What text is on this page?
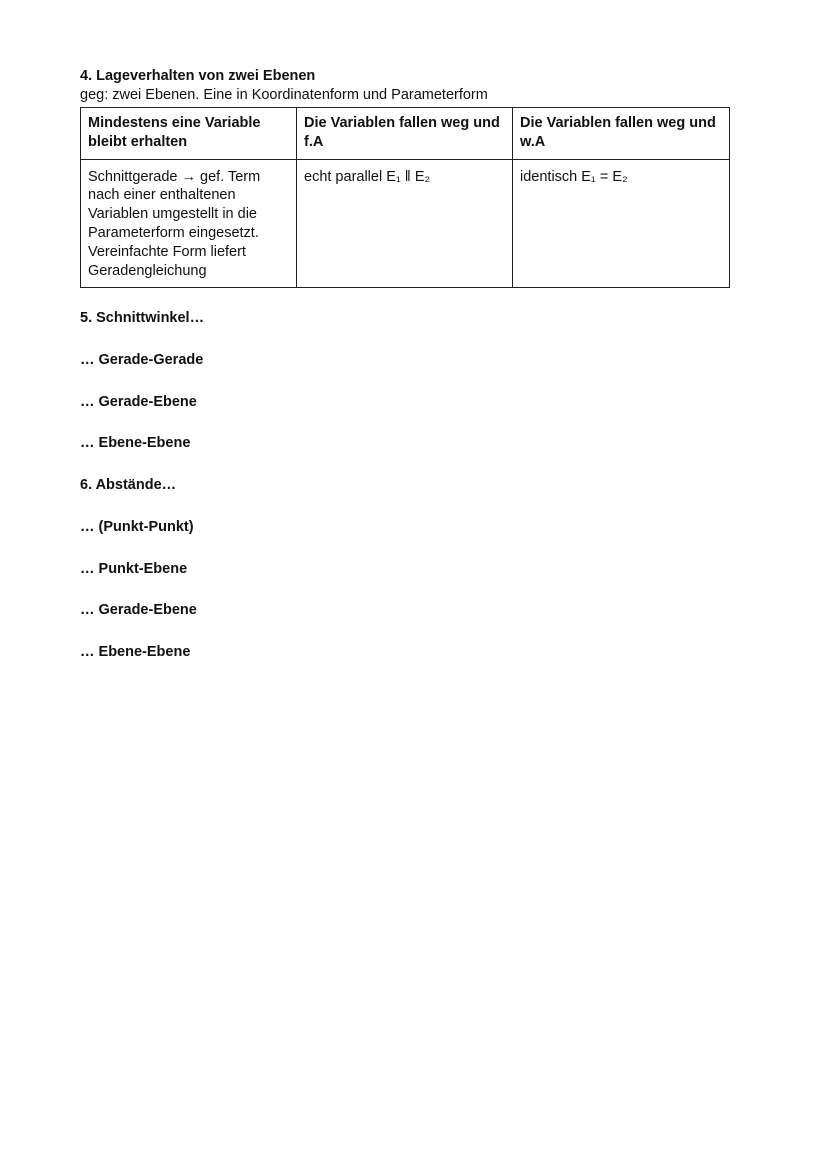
4. Lageverhalten von zwei Ebenen

geg: zwei Ebenen. Eine in Koordinatenform und Parameterform

Mindestens eine Variable bleibt erhalten	Die Variablen fallen weg und f.A	Die Variablen fallen weg und w.A
Schnittgerade → gef. Term nach einer enthaltenen Variablen umgestellt in die Parameterform eingesetzt. Vereinfachte Form liefert Geradengleichung	echt parallel E₁ ‖ E₂	identisch E₁ = E₂

5. Schnittwinkel…

… Gerade-Gerade

… Gerade-Ebene

… Ebene-Ebene

6. Abstände…

… (Punkt-Punkt)

… Punkt-Ebene

… Gerade-Ebene

… Ebene-Ebene
